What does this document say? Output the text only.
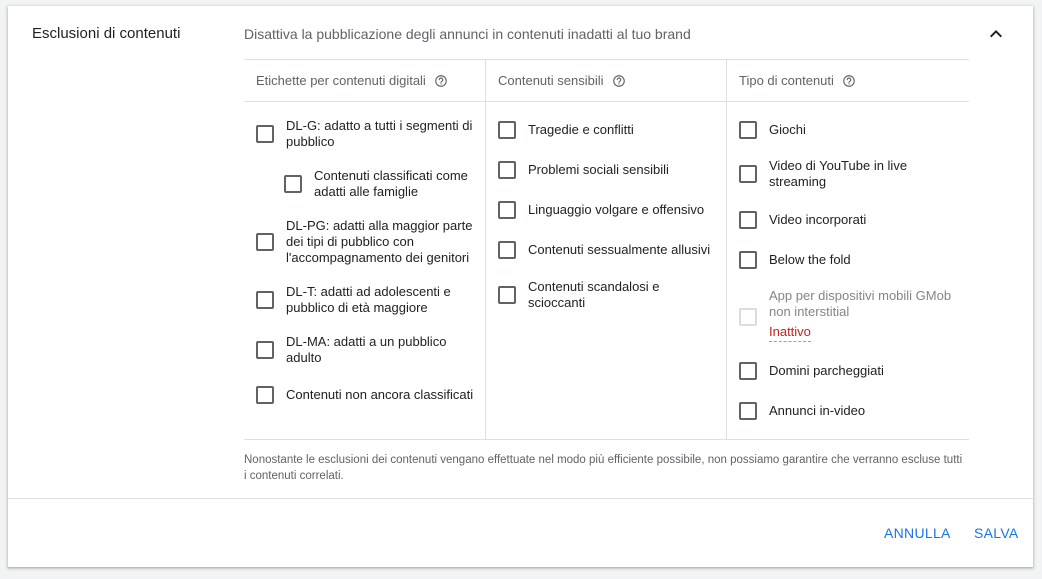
Esclusioni di contenuti	Disattiva la pubblicazione degli annunci in contenuti inadatti al tuo brand
Etichette per contenuti digitali
DL-G: adatto a tutti i segmenti di pubblico
Contenuti classificati come adatti alle famiglie
DL-PG: adatti alla maggior parte dei tipi di pubblico con l'accompagnamento dei genitori
DL-T: adatti ad adolescenti e pubblico di età maggiore
DL-MA: adatti a un pubblico adulto
Contenuti non ancora classificati
Contenuti sensibili
Tragedie e conflitti
Problemi sociali sensibili
Linguaggio volgare e offensivo
Contenuti sessualmente allusivi
Contenuti scandalosi e scioccanti
Tipo di contenuti
Giochi
Video di YouTube in live streaming
Video incorporati
Below the fold
App per dispositivi mobili GMob non interstitial
Inattivo
Domini parcheggiati
Annunci in-video
Nonostante le esclusioni dei contenuti vengano effettuate nel modo più efficiente possibile, non possiamo garantire che verranno escluse tutti i contenuti correlati.
ANNULLA SALVA
